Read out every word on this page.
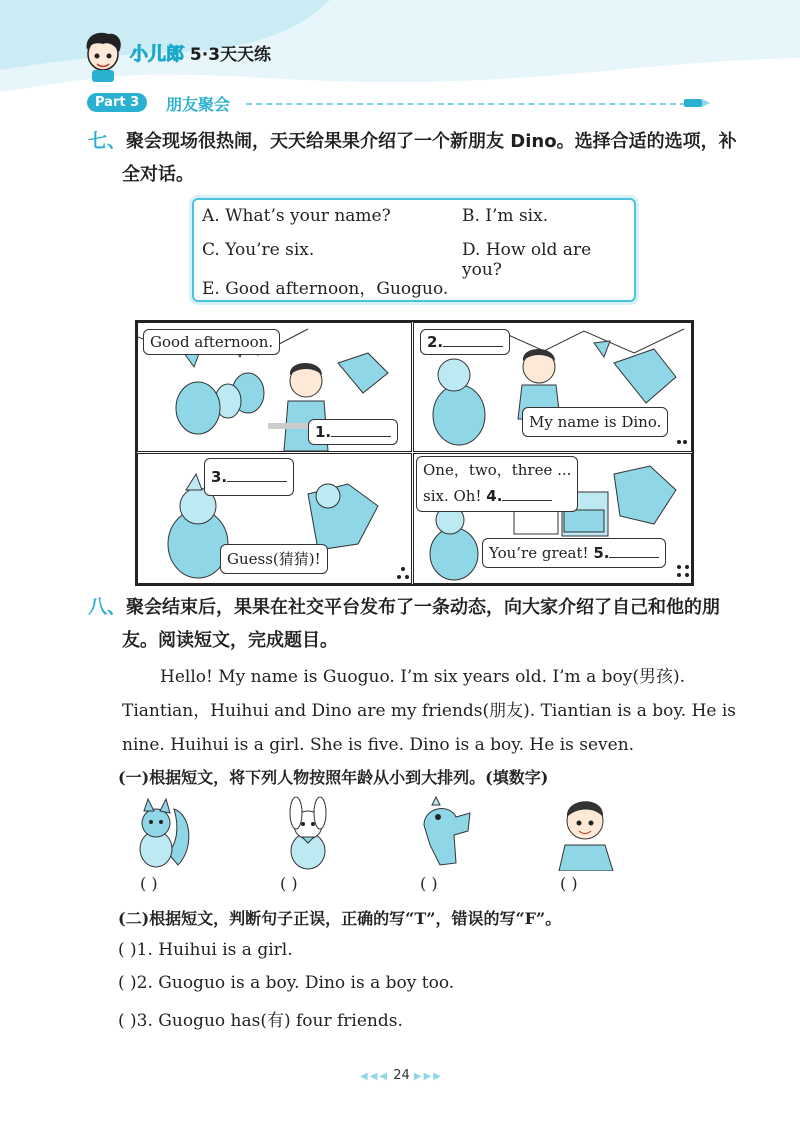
小儿郎 5·3天天练
Part 3	朋友聚会
七、聚会现场很热闹，天天给果果介绍了一个新朋友 Dino。选择合适的选项，补
全对话。
A. What’s your name?	B. I’m six.
C. You’re six.	D. How old are you?
E. Good afternoon，Guoguo.
Good afternoon.
1.
2.
My name is Dino.
3.
Guess(猜猜)!
One，two，three ...
six. Oh! 4.
You’re great! 5.
八、聚会结束后，果果在社交平台发布了一条动态，向大家介绍了自己和他的朋
友。阅读短文，完成题目。
Hello! My name is Guoguo. I’m six years old. I’m a boy(男孩).
Tiantian，Huihui and Dino are my friends(朋友). Tiantian is a boy. He is
nine. Huihui is a girl. She is five. Dino is a boy. He is seven.
(一)根据短文，将下列人物按照年龄从小到大排列。(填数字)
( )	( )	( )	( )
(二)根据短文，判断句子正误，正确的写“T”，错误的写“F”。
( )1. Huihui is a girl.
( )2. Guoguo is a boy. Dino is a boy too.
( )3. Guoguo has(有) four friends.
◀◀◀ 24 ▶▶▶
